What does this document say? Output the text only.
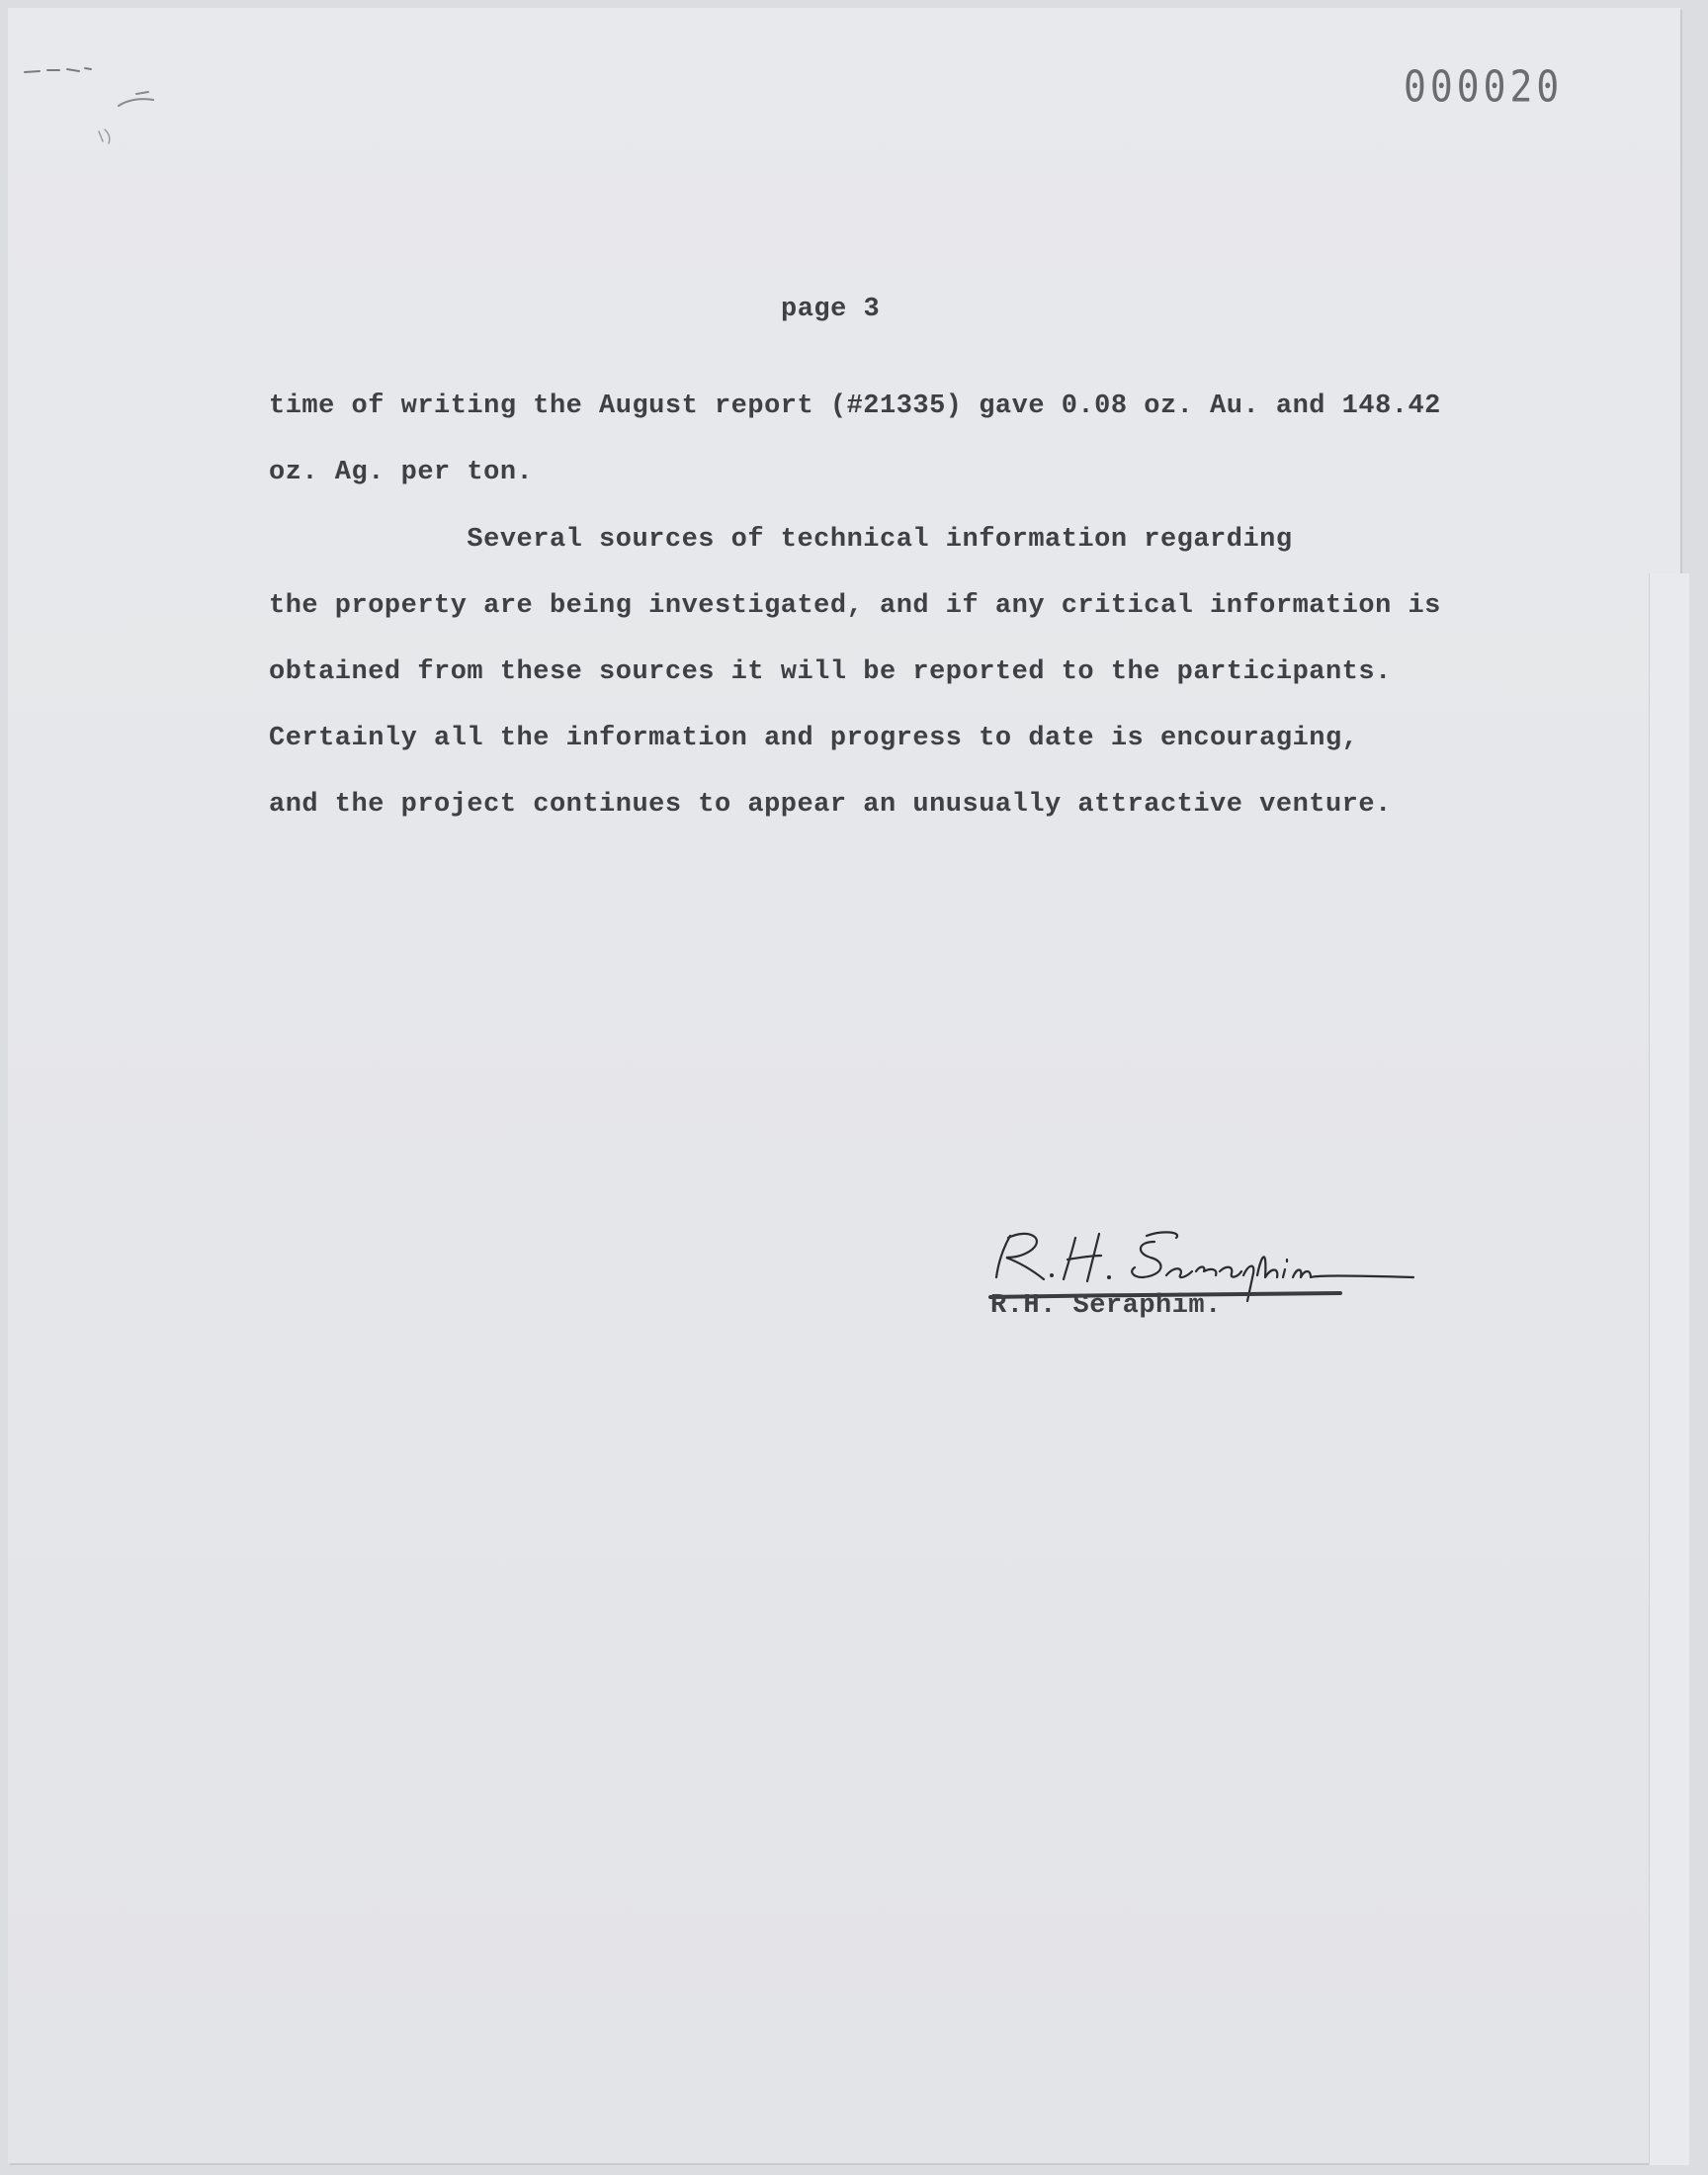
000020
page 3
time of writing the August report (#21335) gave 0.08 oz. Au. and 148.42
oz. Ag. per ton.
Several sources of technical information regarding
the property are being investigated, and if any critical information is
obtained from these sources it will be reported to the participants.
Certainly all the information and progress to date is encouraging,
and the project continues to appear an unusually attractive venture.
R.H. Seraphim.
